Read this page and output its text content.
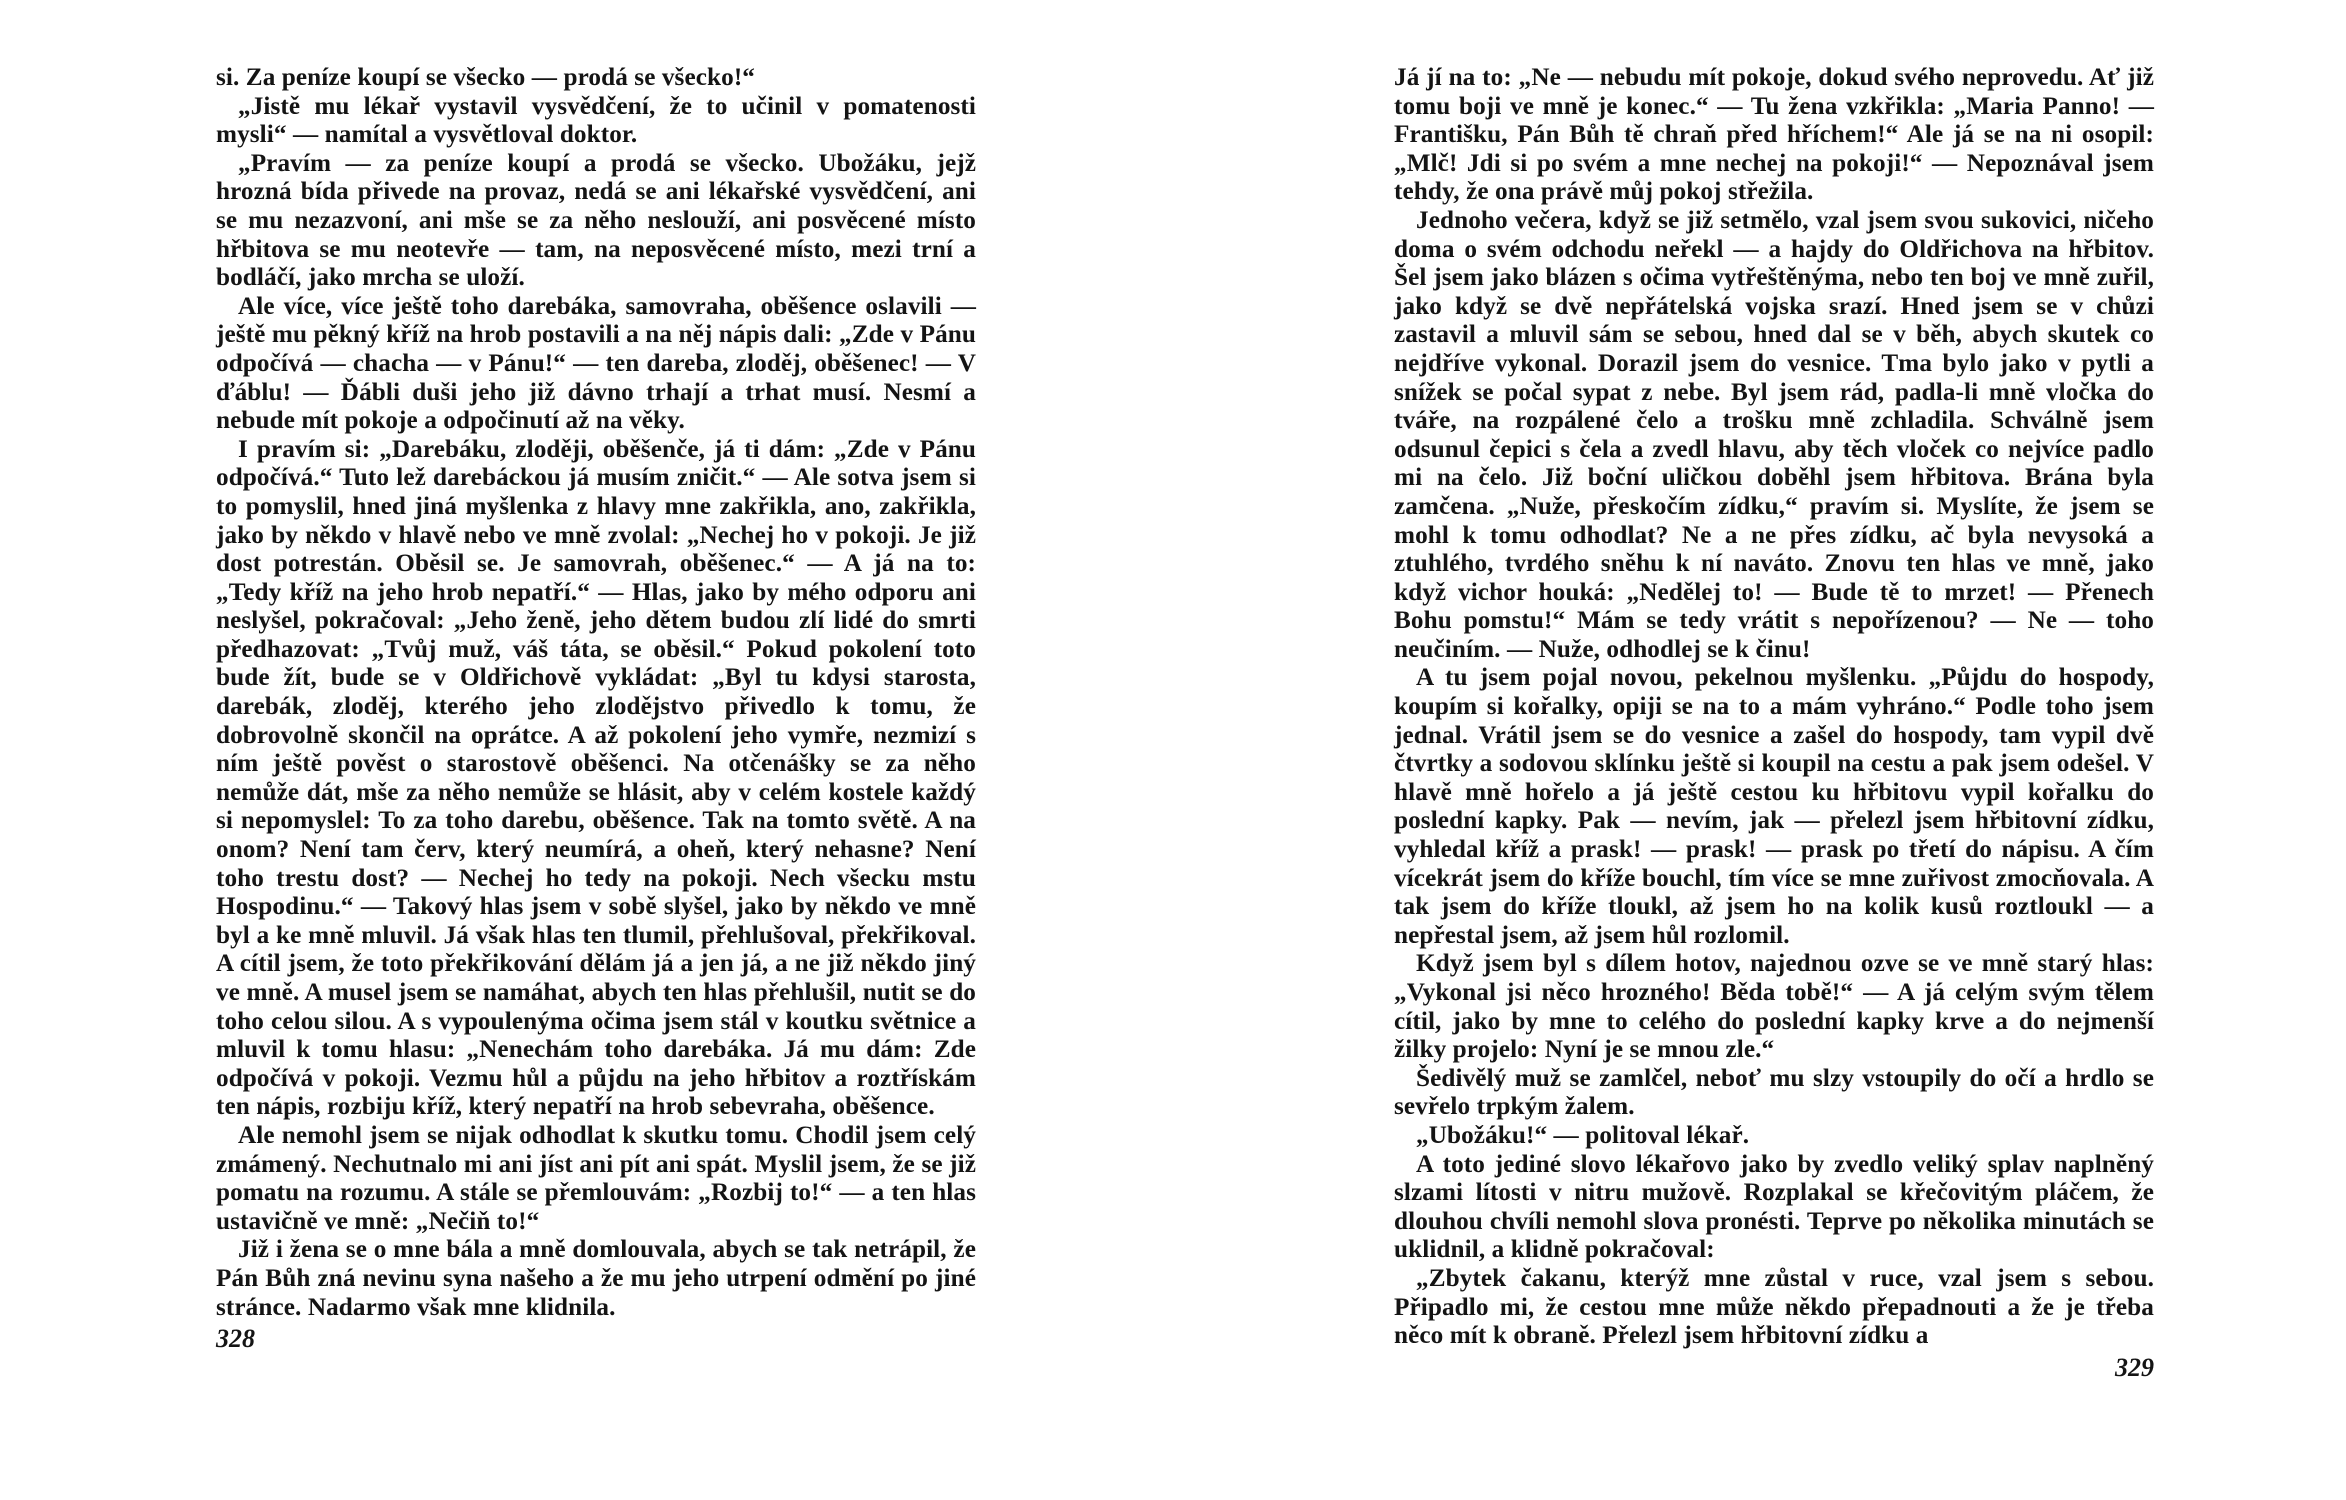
si. Za peníze koupí se všecko — prodá se všecko!“

„Jistě mu lékař vystavil vysvědčení, že to učinil v pomatenosti mysli“ — namítal a vysvětloval doktor.

„Pravím — za peníze koupí a prodá se všecko. Ubožáku, jejž hrozná bída přivede na provaz, nedá se ani lékařské vysvědčení, ani se mu nezazvoní, ani mše se za něho neslouží, ani posvěcené místo hřbitova se mu neotevře — tam, na neposvěcené místo, mezi trní a bodláčí, jako mrcha se uloží.

Ale více, více ještě toho darebáka, samovraha, oběšence oslavili — ještě mu pěkný kříž na hrob postavili a na něj nápis dali: „Zde v Pánu odpočívá — chacha — v Pánu!“ — ten dareba, zloděj, oběšenec! — V ďáblu! — Ďábli duši jeho již dávno trhají a trhat musí. Nesmí a nebude mít pokoje a odpočinutí až na věky.

I pravím si: „Darebáku, zloději, oběšenče, já ti dám: „Zde v Pánu odpočívá.“ Tuto lež darebáckou já musím zničit.“ — Ale sotva jsem si to pomyslil, hned jiná myšlenka z hlavy mne zakřikla, ano, zakřikla, jako by někdo v hlavě nebo ve mně zvolal: „Nechej ho v pokoji. Je již dost potrestán. Oběsil se. Je samovrah, oběšenec.“ — A já na to: „Tedy kříž na jeho hrob nepatří.“ — Hlas, jako by mého odporu ani neslyšel, pokračoval: „Jeho ženě, jeho dětem budou zlí lidé do smrti předhazovat: „Tvůj muž, váš táta, se oběsil.“ Pokud pokolení toto bude žít, bude se v Oldřichově vykládat: „Byl tu kdysi starosta, darebák, zloděj, kterého jeho zlodějstvo přivedlo k tomu, že dobrovolně skončil na oprátce. A až pokolení jeho vymře, nezmizí s ním ještě pověst o starostově oběšenci. Na otčenášky se za něho nemůže dát, mše za něho nemůže se hlásit, aby v celém kostele každý si nepomyslel: To za toho darebu, oběšence. Tak na tomto světě. A na onom? Není tam červ, který neumírá, a oheň, který nehasne? Není toho trestu dost? — Nechej ho tedy na pokoji. Nech všecku mstu Hospodinu.“ — Takový hlas jsem v sobě slyšel, jako by někdo ve mně byl a ke mně mluvil. Já však hlas ten tlumil, přehlušoval, překřikoval. A cítil jsem, že toto překřikování dělám já a jen já, a ne již někdo jiný ve mně. A musel jsem se namáhat, abych ten hlas přehlušil, nutit se do toho celou silou. A s vypoulenýma očima jsem stál v koutku světnice a mluvil k tomu hlasu: „Nenechám toho darebáka. Já mu dám: Zde odpočívá v pokoji. Vezmu hůl a půjdu na jeho hřbitov a roztřískám ten nápis, rozbiju kříž, který nepatří na hrob sebevraha, oběšence.

Ale nemohl jsem se nijak odhodlat k skutku tomu. Chodil jsem celý zmámený. Nechutnalo mi ani jíst ani pít ani spát. Myslil jsem, že se již pomatu na rozumu. A stále se přemlouvám: „Rozbij to!“ — a ten hlas ustavičně ve mně: „Nečiň to!“

Již i žena se o mne bála a mně domlouvala, abych se tak netrápil, že Pán Bůh zná nevinu syna našeho a že mu jeho utrpení odmění po jiné stránce. Nadarmo však mne klidnila.

328

Já jí na to: „Ne — nebudu mít pokoje, dokud svého neprovedu. Ať již tomu boji ve mně je konec.“ — Tu žena vzkřikla: „Maria Panno! — Františku, Pán Bůh tě chraň před hříchem!“ Ale já se na ni osopil: „Mlč! Jdi si po svém a mne nechej na pokoji!“ — Nepoznával jsem tehdy, že ona právě můj pokoj střežila.

Jednoho večera, když se již setmělo, vzal jsem svou sukovici, ničeho doma o svém odchodu neřekl — a hajdy do Oldřichova na hřbitov. Šel jsem jako blázen s očima vytřeštěnýma, nebo ten boj ve mně zuřil, jako když se dvě nepřátelská vojska srazí. Hned jsem se v chůzi zastavil a mluvil sám se sebou, hned dal se v běh, abych skutek co nejdříve vykonal. Dorazil jsem do vesnice. Tma bylo jako v pytli a snížek se počal sypat z nebe. Byl jsem rád, padla-li mně vločka do tváře, na rozpálené čelo a trošku mně zchladila. Schválně jsem odsunul čepici s čela a zvedl hlavu, aby těch vloček co nejvíce padlo mi na čelo. Již boční uličkou doběhl jsem hřbitova. Brána byla zamčena. „Nuže, přeskočím zídku,“ pravím si. Myslíte, že jsem se mohl k tomu odhodlat? Ne a ne přes zídku, ač byla nevysoká a ztuhlého, tvrdého sněhu k ní naváto. Znovu ten hlas ve mně, jako když vichor houká: „Nedělej to! — Bude tě to mrzet! — Přenech Bohu pomstu!“ Mám se tedy vrátit s nepořízenou? — Ne — toho neučiním. — Nuže, odhodlej se k činu!

A tu jsem pojal novou, pekelnou myšlenku. „Půjdu do hospody, koupím si kořalky, opiji se na to a mám vyhráno.“ Podle toho jsem jednal. Vrátil jsem se do vesnice a zašel do hospody, tam vypil dvě čtvrtky a sodovou sklínku ještě si koupil na cestu a pak jsem odešel. V hlavě mně hořelo a já ještě cestou ku hřbitovu vypil kořalku do poslední kapky. Pak — nevím, jak — přelezl jsem hřbitovní zídku, vyhledal kříž a prask! — prask! — prask po třetí do nápisu. A čím vícekrát jsem do kříže bouchl, tím více se mne zuřivost zmocňovala. A tak jsem do kříže tloukl, až jsem ho na kolik kusů roztloukl — a nepřestal jsem, až jsem hůl rozlomil.

Když jsem byl s dílem hotov, najednou ozve se ve mně starý hlas: „Vykonal jsi něco hrozného! Běda tobě!“ — A já celým svým tělem cítil, jako by mne to celého do poslední kapky krve a do nejmenší žilky projelo: Nyní je se mnou zle.“

Šedivělý muž se zamlčel, neboť mu slzy vstoupily do očí a hrdlo se sevřelo trpkým žalem.

„Ubožáku!“ — politoval lékař.

A toto jediné slovo lékařovo jako by zvedlo veliký splav naplněný slzami lítosti v nitru mužově. Rozplakal se křečovitým pláčem, že dlouhou chvíli nemohl slova pronésti. Teprve po několika minutách se uklidnil, a klidně pokračoval:

„Zbytek čakanu, kterýž mne zůstal v ruce, vzal jsem s sebou. Připadlo mi, že cestou mne může někdo přepadnouti a že je třeba něco mít k obraně. Přelezl jsem hřbitovní zídku a

329
